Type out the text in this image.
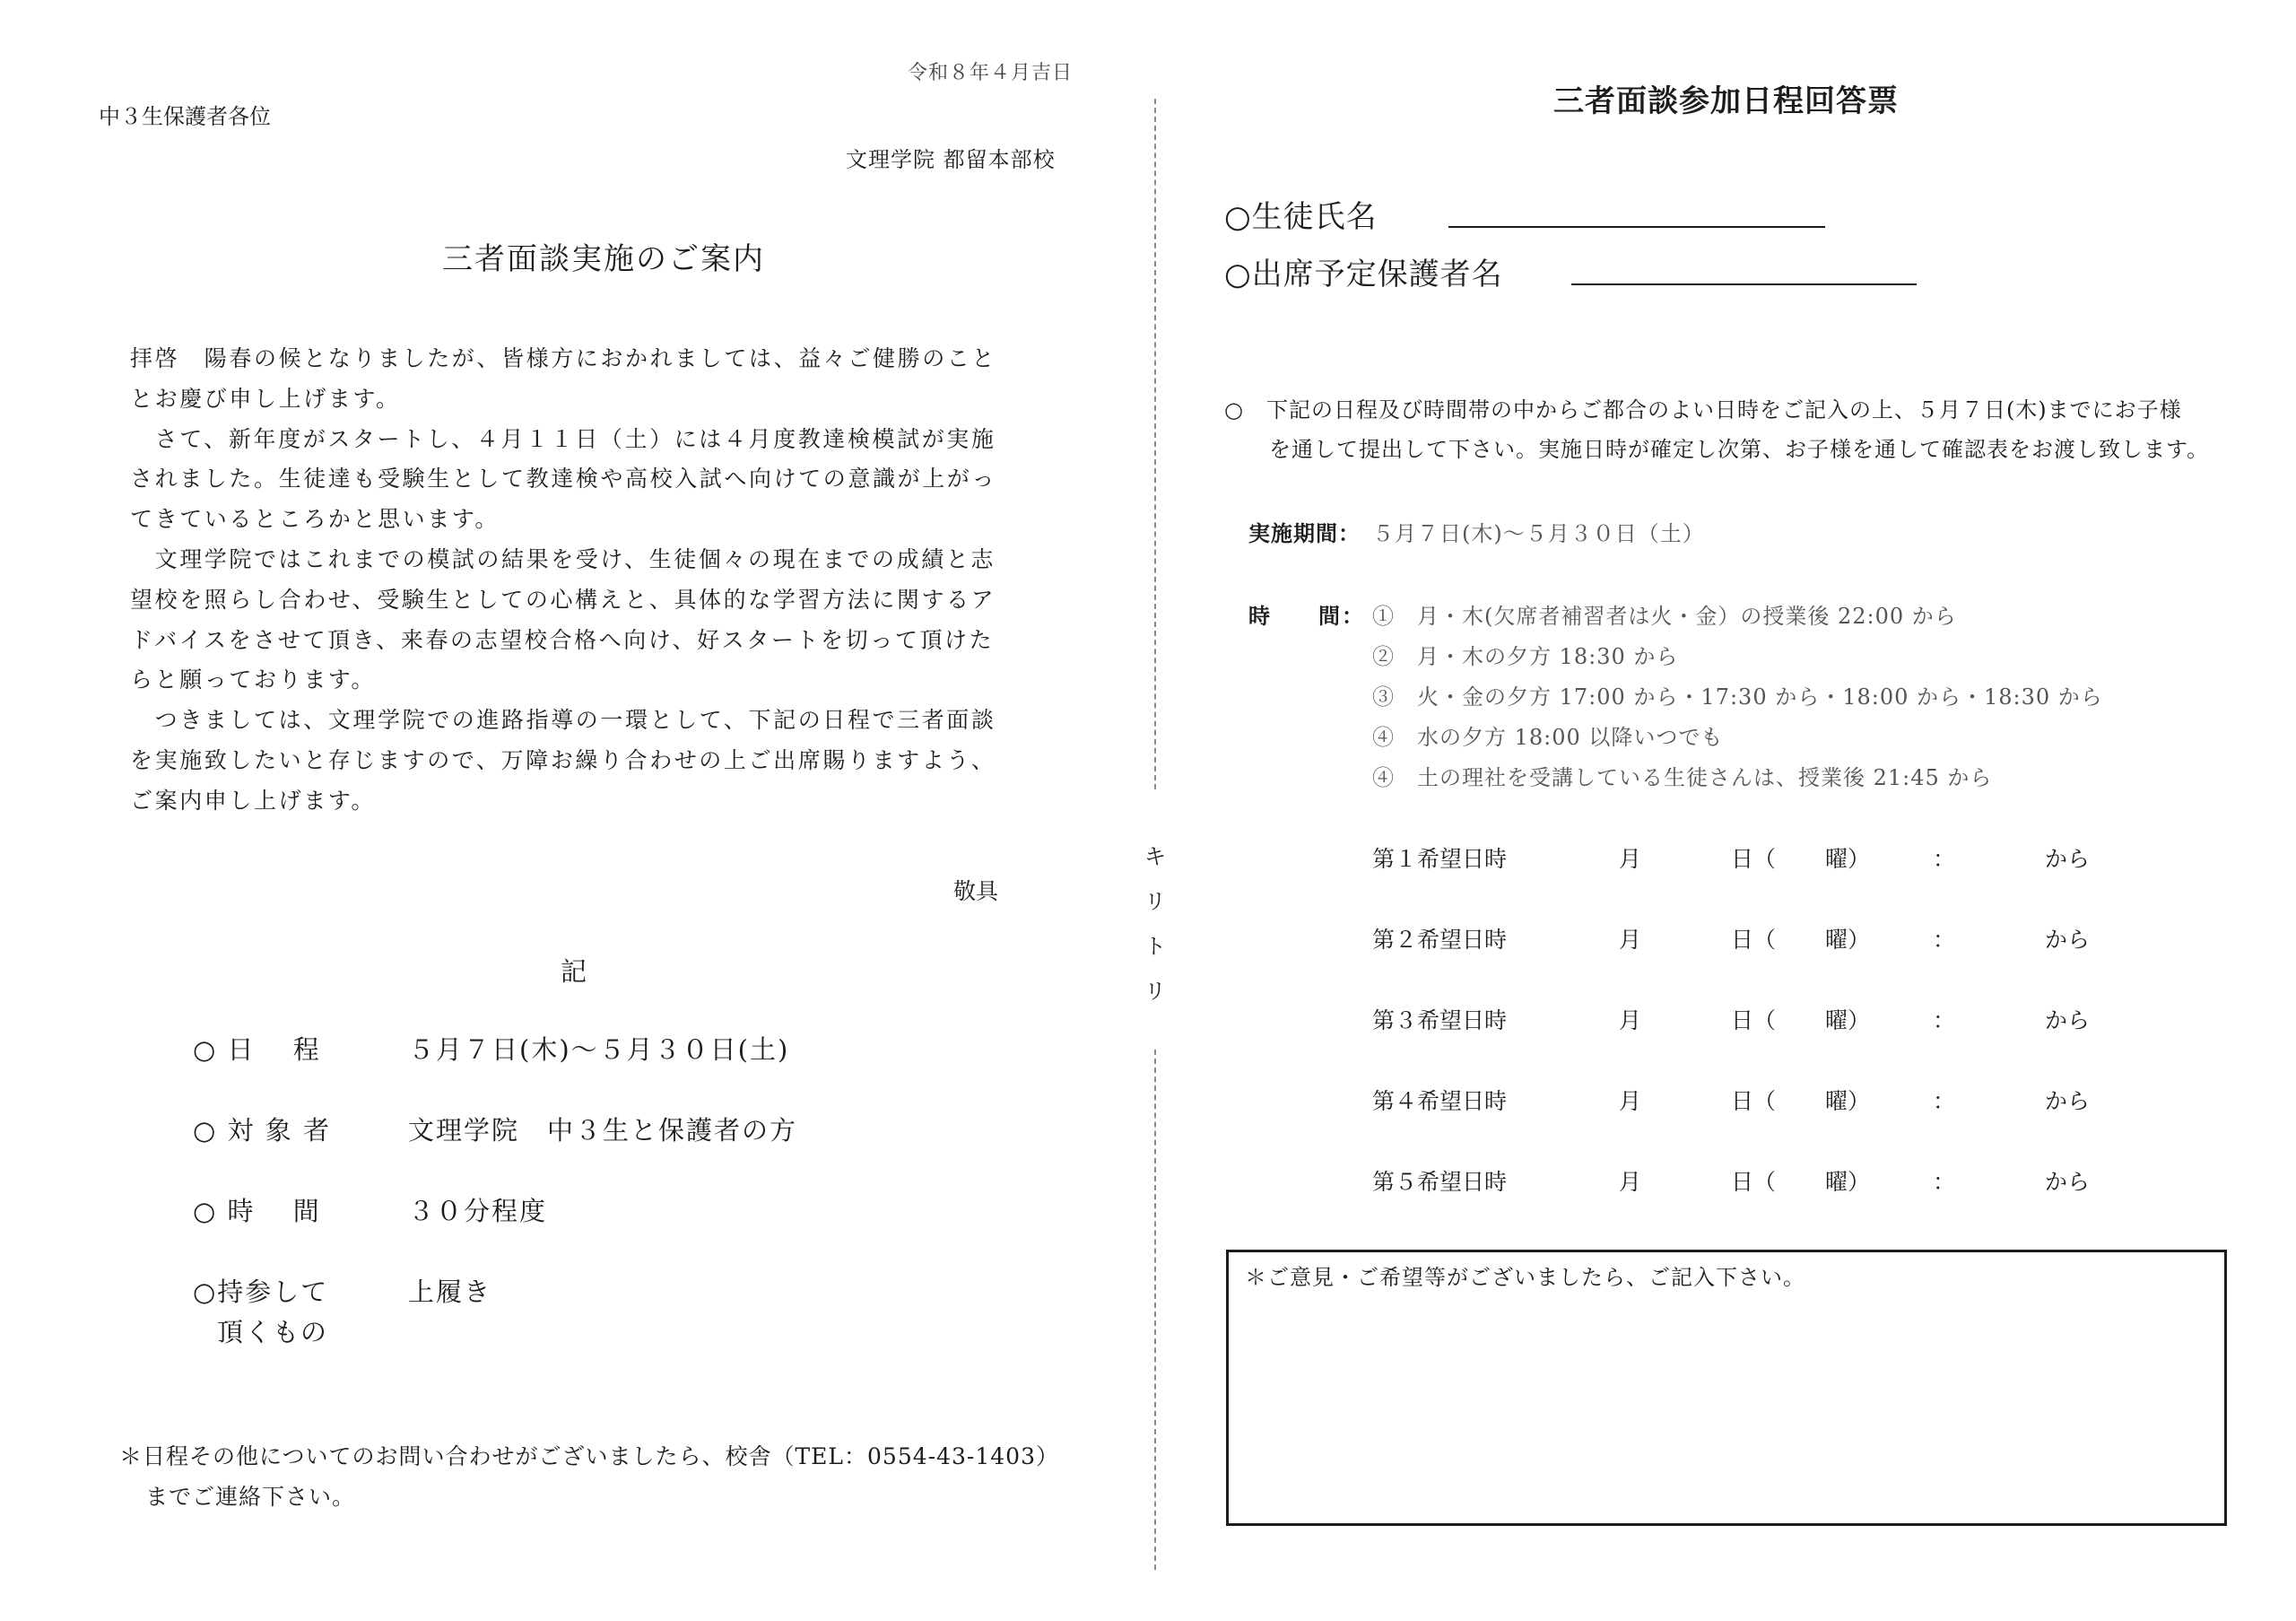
令和８年４月吉日
中３生保護者各位
文理学院 都留本部校
三者面談実施のご案内

拝啓　陽春の候となりましたが、皆様方におかれましては、益々ご健勝のこととお慶び申し上げます。

　さて、新年度がスタートし、４月１１日（土）には４月度教達検模試が実施されました。生徒達も受験生として教達検や高校入試へ向けての意識が上がってきているところかと思います。

　文理学院ではこれまでの模試の結果を受け、生徒個々の現在までの成績と志望校を照らし合わせ、受験生としての心構えと、具体的な学習方法に関するアドバイスをさせて頂き、来春の志望校合格へ向け、好スタートを切って頂けたらと願っております。

　つきましては、文理学院での進路指導の一環として、下記の日程で三者面談を実施致したいと存じますので、万障お繰り合わせの上ご出席賜りますよう、ご案内申し上げます。

敬具
記
○ 日　 程	５月７日(木)～５月３０日(土)
○ 対 象 者	文理学院　中３生と保護者の方
○ 時　 間	３０分程度
○持参して	上履き
頂くもの
＊日程その他についてのお問い合わせがございましたら、校舎（TEL：0554-43-1403）
までご連絡下さい。
キ
リ
ト
リ
三者面談参加日程回答票
○生徒氏名
○出席予定保護者名
○　下記の日程及び時間帯の中からご都合のよい日時をご記入の上、５月７日(木)までにお子様
　　を通して提出して下さい。実施日時が確定し次第、お子様を通して確認表をお渡し致します。
実施期間： ５月７日(木)～５月３０日（土）
時　　間： ①　月・木(欠席者補習者は火・金）の授業後 22:00 から
②　月・木の夕方 18:30 から
③　火・金の夕方 17:00 から・17:30 から・18:00 から・18:30 から
④　水の夕方 18:00 以降いつでも
④　土の理社を受講している生徒さんは、授業後 21:45 から
第１希望日時	月	日（ 曜）	：	から
第２希望日時	月	日（ 曜）	：	から
第３希望日時	月	日（ 曜）	：	から
第４希望日時	月	日（ 曜）	：	から
第５希望日時	月	日（ 曜）	：	から
＊ご意見・ご希望等がございましたら、ご記入下さい。
